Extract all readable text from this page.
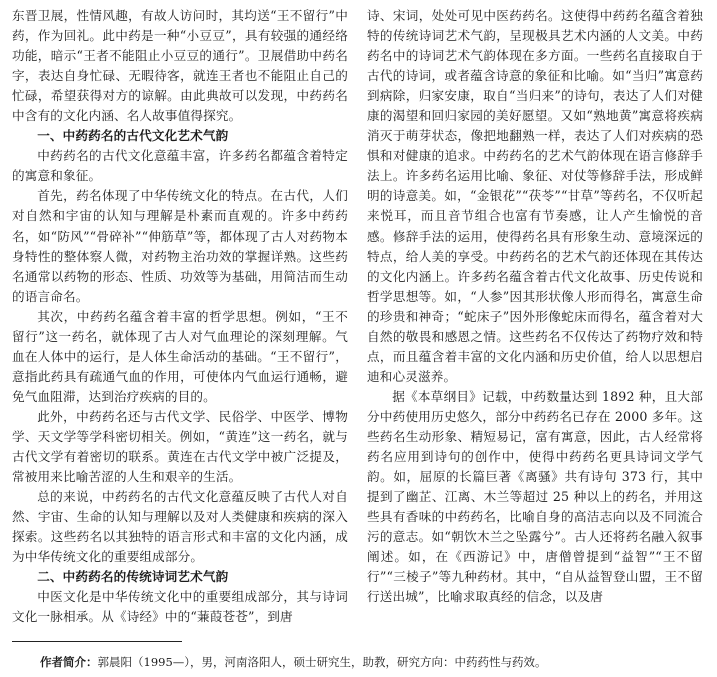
东晋卫展，性情风趣，有故人访问时，其均送“王不留行”中药，作为回礼。此中药是一种“小豆豆”，具有较强的通经络功能，暗示“王者不能阻止小豆豆的通行”。卫展借助中药名字，表达自身忙碌、无暇待客，就连王者也不能阻止自己的忙碌，希望获得对方的谅解。由此典故可以发现，中药药名中含有的文化内涵、名人故事值得探究。

一、中药药名的古代文化艺术气韵

中药药名的古代文化意蕴丰富，许多药名都蕴含着特定的寓意和象征。

首先，药名体现了中华传统文化的特点。在古代，人们对自然和宇宙的认知与理解是朴素而直观的。许多中药药名，如“防风”“骨碎补”“伸筋草”等，都体现了古人对药物本身特性的整体察人微，对药物主治功效的掌握详熟。这些药名通常以药物的形态、性质、功效等为基础，用简洁而生动的语言命名。

其次，中药药名蕴含着丰富的哲学思想。例如，“王不留行”这一药名，就体现了古人对气血理论的深刻理解。气血在人体中的运行，是人体生命活动的基础。“王不留行”，意指此药具有疏通气血的作用，可使体内气血运行通畅，避免气血阻滞，达到治疗疾病的目的。

此外，中药药名还与古代文学、民俗学、中医学、博物学、天文学等学科密切相关。例如，“黄连”这一药名，就与古代文学有着密切的联系。黄连在古代文学中被广泛提及，常被用来比喻苦涩的人生和艰辛的生活。

总的来说，中药药名的古代文化意蕴反映了古代人对自然、宇宙、生命的认知与理解以及对人类健康和疾病的深入探索。这些药名以其独特的语言形式和丰富的文化内涵，成为中华传统文化的重要组成部分。

二、中药药名的传统诗词艺术气韵

中医文化是中华传统文化中的重要组成部分，其与诗词文化一脉相承。从《诗经》中的“蒹葭苍苍”，到唐

诗、宋词，处处可见中医药药名。这使得中药药名蕴含着独特的传统诗词艺术气韵，呈现极具艺术内涵的人文美。中药药名中的诗词艺术气韵体现在多方面。一些药名直接取自于古代的诗词，或者蕴含诗意的象征和比喻。如“当归”寓意药到病除，归家安康，取自“当归来”的诗句，表达了人们对健康的渴望和回归家园的美好愿望。又如“熟地黄”寓意将疾病消灭于萌芽状态，像把地翻熟一样，表达了人们对疾病的恐惧和对健康的追求。中药药名的艺术气韵体现在语言修辞手法上。许多药名运用比喻、象征、对仗等修辞手法，形成鲜明的诗意美。如，“金银花”“茯苓”“甘草”等药名，不仅听起来悦耳，而且音节组合也富有节奏感，让人产生愉悦的音感。修辞手法的运用，使得药名具有形象生动、意境深远的特点，给人美的享受。中药药名的艺术气韵还体现在其传达的文化内涵上。许多药名蕴含着古代文化故事、历史传说和哲学思想等。如，“人参”因其形状像人形而得名，寓意生命的珍贵和神奇；“蛇床子”因外形像蛇床而得名，蕴含着对大自然的敬畏和感恩之情。这些药名不仅传达了药物疗效和特点，而且蕴含着丰富的文化内涵和历史价值，给人以思想启迪和心灵滋养。

据《本草纲目》记载，中药数量达到 1892 种，且大部分中药使用历史悠久，部分中药药名已存在 2000 多年。这些药名生动形象、精短易记，富有寓意，因此，古人经常将药名应用到诗句的创作中，使得中药药名更具诗词文学气韵。如，屈原的长篇巨著《离骚》共有诗句 373 行，其中提到了幽芷、江离、木兰等超过 25 种以上的药名，并用这些具有香味的中药药名，比喻自身的高洁志向以及不同流合污的意志。如“朝饮木兰之坠露兮”。古人还将药名融入叙事阐述。如，在《西游记》中，唐僧曾提到“益智”“王不留行”“三棱子”等九种药材。其中，“自从益智登山盟，王不留行送出城”，比喻求取真经的信念，以及唐

作者简介：郭晨阳（1995—），男，河南洛阳人，硕士研究生，助教，研究方向：中药药性与药效。
